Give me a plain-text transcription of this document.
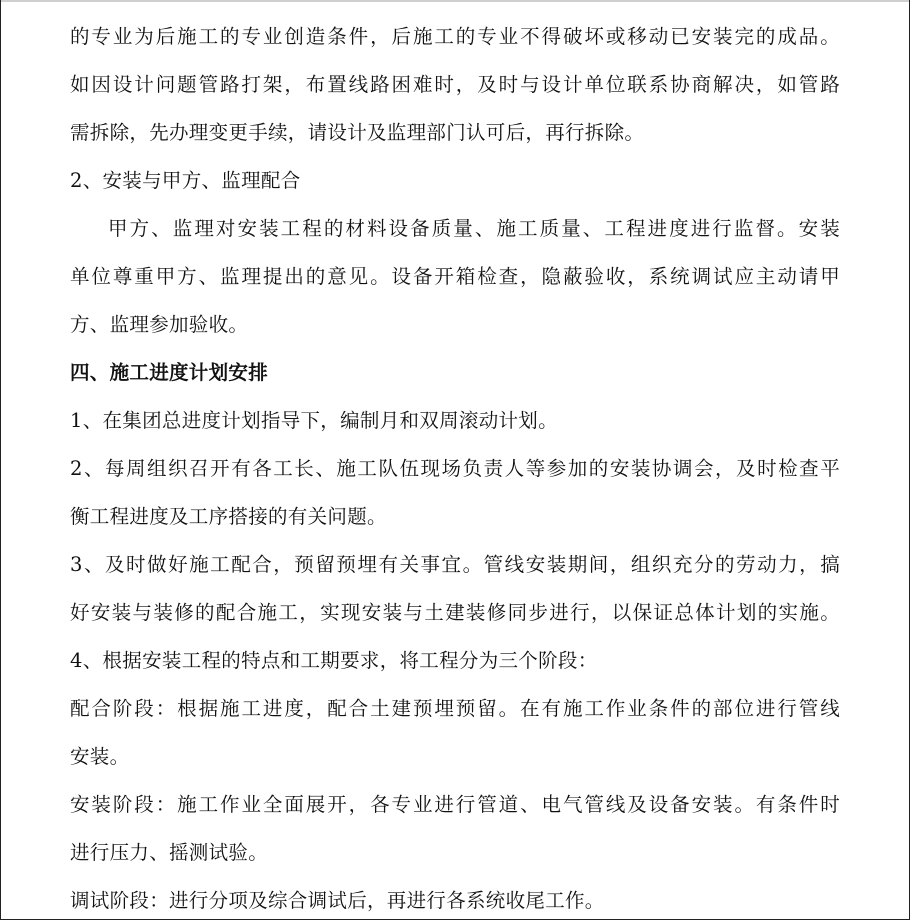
的专业为后施工的专业创造条件，后施工的专业不得破坏或移动已安装完的成品。
如因设计问题管路打架，布置线路困难时，及时与设计单位联系协商解决，如管路
需拆除，先办理变更手续，请设计及监理部门认可后，再行拆除。
2、安装与甲方、监理配合
甲方、监理对安装工程的材料设备质量、施工质量、工程进度进行监督。安装
单位尊重甲方、监理提出的意见。设备开箱检查，隐蔽验收，系统调试应主动请甲
方、监理参加验收。
四、施工进度计划安排
1、在集团总进度计划指导下，编制月和双周滚动计划。
2、每周组织召开有各工长、施工队伍现场负责人等参加的安装协调会，及时检查平
衡工程进度及工序搭接的有关问题。
3、及时做好施工配合，预留预埋有关事宜。管线安装期间，组织充分的劳动力，搞
好安装与装修的配合施工，实现安装与土建装修同步进行，以保证总体计划的实施。
4、根据安装工程的特点和工期要求，将工程分为三个阶段：
配合阶段：根据施工进度，配合土建预埋预留。在有施工作业条件的部位进行管线
安装。
安装阶段：施工作业全面展开，各专业进行管道、电气管线及设备安装。有条件时
进行压力、摇测试验。
调试阶段：进行分项及综合调试后，再进行各系统收尾工作。
